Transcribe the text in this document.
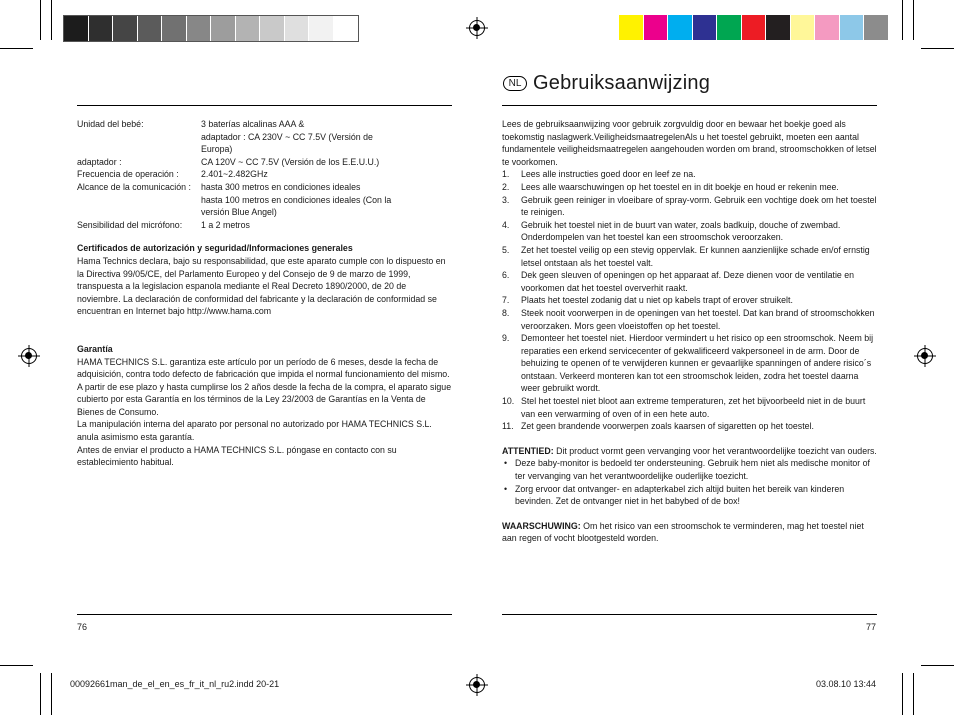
NL Gebruiksaanwijzing
Unidad del bebé:	3 baterías alcalinas AAA &
adaptador : CA 230V ~ CC 7.5V (Versión de
Europa)
adaptador :	CA 120V ~ CC 7.5V (Versión de los E.E.U.U.)
Frecuencia de operación :	2.401~2.482GHz
Alcance de la comunicación :	hasta 300 metros en condiciones ideales
hasta 100 metros en condiciones ideales (Con la
versión Blue Angel)
Sensibilidad del micrófono:	1 a 2 metros
Certificados de autorización y seguridad/Informaciones generales
Hama Technics declara, bajo su responsabilidad, que este aparato cumple con lo dispuesto en la Directiva 99/05/CE, del Parlamento Europeo y del Consejo de 9 de marzo de 1999, transpuesta a la legislacion espanola mediante el Real Decreto 1890/2000, de 20 de noviembre. La declaración de conformidad del fabricante y la declaración de conformidad se encuentran en Internet bajo http://www.hama.com
Garantía
HAMA TECHNICS S.L. garantiza este artículo por un período de 6 meses, desde la fecha de adquisición, contra todo defecto de fabricación que impida el normal funcionamiento del mismo. A partir de ese plazo y hasta cumplirse los 2 años desde la fecha de la compra, el aparato sigue cubierto por esta Garantía en los términos de la Ley 23/2003 de Garantías en la Venta de Bienes de Consumo.
La manipulación interna del aparato por personal no autorizado por HAMA TECHNICS S.L. anula asimismo esta garantía.
Antes de enviar el producto a HAMA TECHNICS S.L. póngase en contacto con su establecimiento habitual.
Lees de gebruiksaanwijzing voor gebruik zorgvuldig door en bewaar het boekje goed als toekomstig naslagwerk.VeiligheidsmaatregelenAls u het toestel gebruikt, moeten een aantal fundamentele veiligheidsmaatregelen aangehouden worden om brand, stroomschokken of letsel te voorkomen.
1.	Lees alle instructies goed door en leef ze na.
2.	Lees alle waarschuwingen op het toestel en in dit boekje en houd er rekenin mee.
3.	Gebruik geen reiniger in vloeibare of spray-vorm. Gebruik een vochtige doek om het toestel te reinigen.
4.	Gebruik het toestel niet in de buurt van water, zoals badkuip, douche of zwembad. Onderdompelen van het toestel kan een stroomschok veroorzaken.
5.	Zet het toestel veilig op een stevig oppervlak. Er kunnen aanzienlijke schade en/of ernstig letsel ontstaan als het toestel valt.
6.	Dek geen sleuven of openingen op het apparaat af. Deze dienen voor de ventilatie en voorkomen dat het toestel oververhit raakt.
7.	Plaats het toestel zodanig dat u niet op kabels trapt of erover struikelt.
8.	Steek nooit voorwerpen in de openingen van het toestel. Dat kan brand of stroomschokken veroorzaken. Mors geen vloeistoffen op het toestel.
9.	Demonteer het toestel niet. Hierdoor vermindert u het risico op een stroomschok. Neem bij reparaties een erkend servicecenter of gekwalificeerd vakpersoneel in de arm. Door de behuizing te openen of te verwijderen kunnen er gevaarlijke spanningen of andere risico´s ontstaan. Verkeerd monteren kan tot een stroomschok leiden, zodra het toestel daarna weer gebruikt wordt.
10. Stel het toestel niet bloot aan extreme temperaturen, zet het bijvoorbeeld niet in de buurt van een verwarming of oven of in een hete auto.
11. Zet geen brandende voorwerpen zoals kaarsen of sigaretten op het toestel.
ATTENTIED: Dit product vormt geen vervanging voor het verantwoordelijke toezicht van ouders.
• Deze baby-monitor is bedoeld ter ondersteuning. Gebruik hem niet als medische monitor of ter vervanging van het verantwoordelijke ouderlijke toezicht.
• Zorg ervoor dat ontvanger- en adapterkabel zich altijd buiten het bereik van kinderen bevinden. Zet de ontvanger niet in het babybed of de box!
WAARSCHUWING: Om het risico van een stroomschok te verminderen, mag het toestel niet aan regen of vocht blootgesteld worden.
76	77
00092661man_de_el_en_es_fr_it_nl_ru2.indd 20-21	03.08.10 13:44
